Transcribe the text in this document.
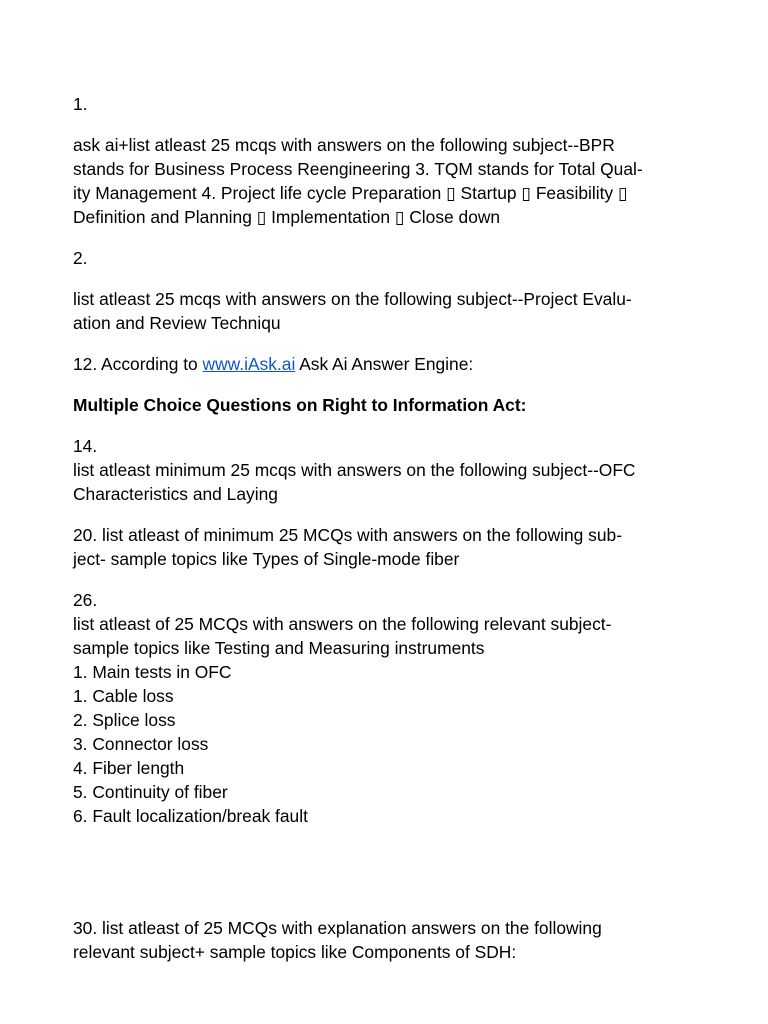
1.
ask ai+list atleast 25 mcqs with answers on the following subject--BPR
stands for Business Process Reengineering 3. TQM stands for Total Qual-
ity Management 4. Project life cycle Preparation ▯ Startup ▯ Feasibility ▯
Definition and Planning ▯ Implementation ▯ Close down
2.
list atleast 25 mcqs with answers on the following subject--Project Evalu-
ation and Review Techniqu
12. According to www.iAsk.ai Ask Ai Answer Engine:
Multiple Choice Questions on Right to Information Act:
14.
list atleast minimum 25 mcqs with answers on the following subject--OFC
Characteristics and Laying
20. list atleast of minimum 25 MCQs with answers on the following sub-
ject- sample topics like Types of Single-mode fiber
26.
list atleast of 25 MCQs with answers on the following relevant subject-
sample topics like Testing and Measuring instruments
1. Main tests in OFC
1. Cable loss
2. Splice loss
3. Connector loss
4. Fiber length
5. Continuity of fiber
6. Fault localization/break fault
30. list atleast of 25 MCQs with explanation answers on the following
relevant subject+ sample topics like Components of SDH:
